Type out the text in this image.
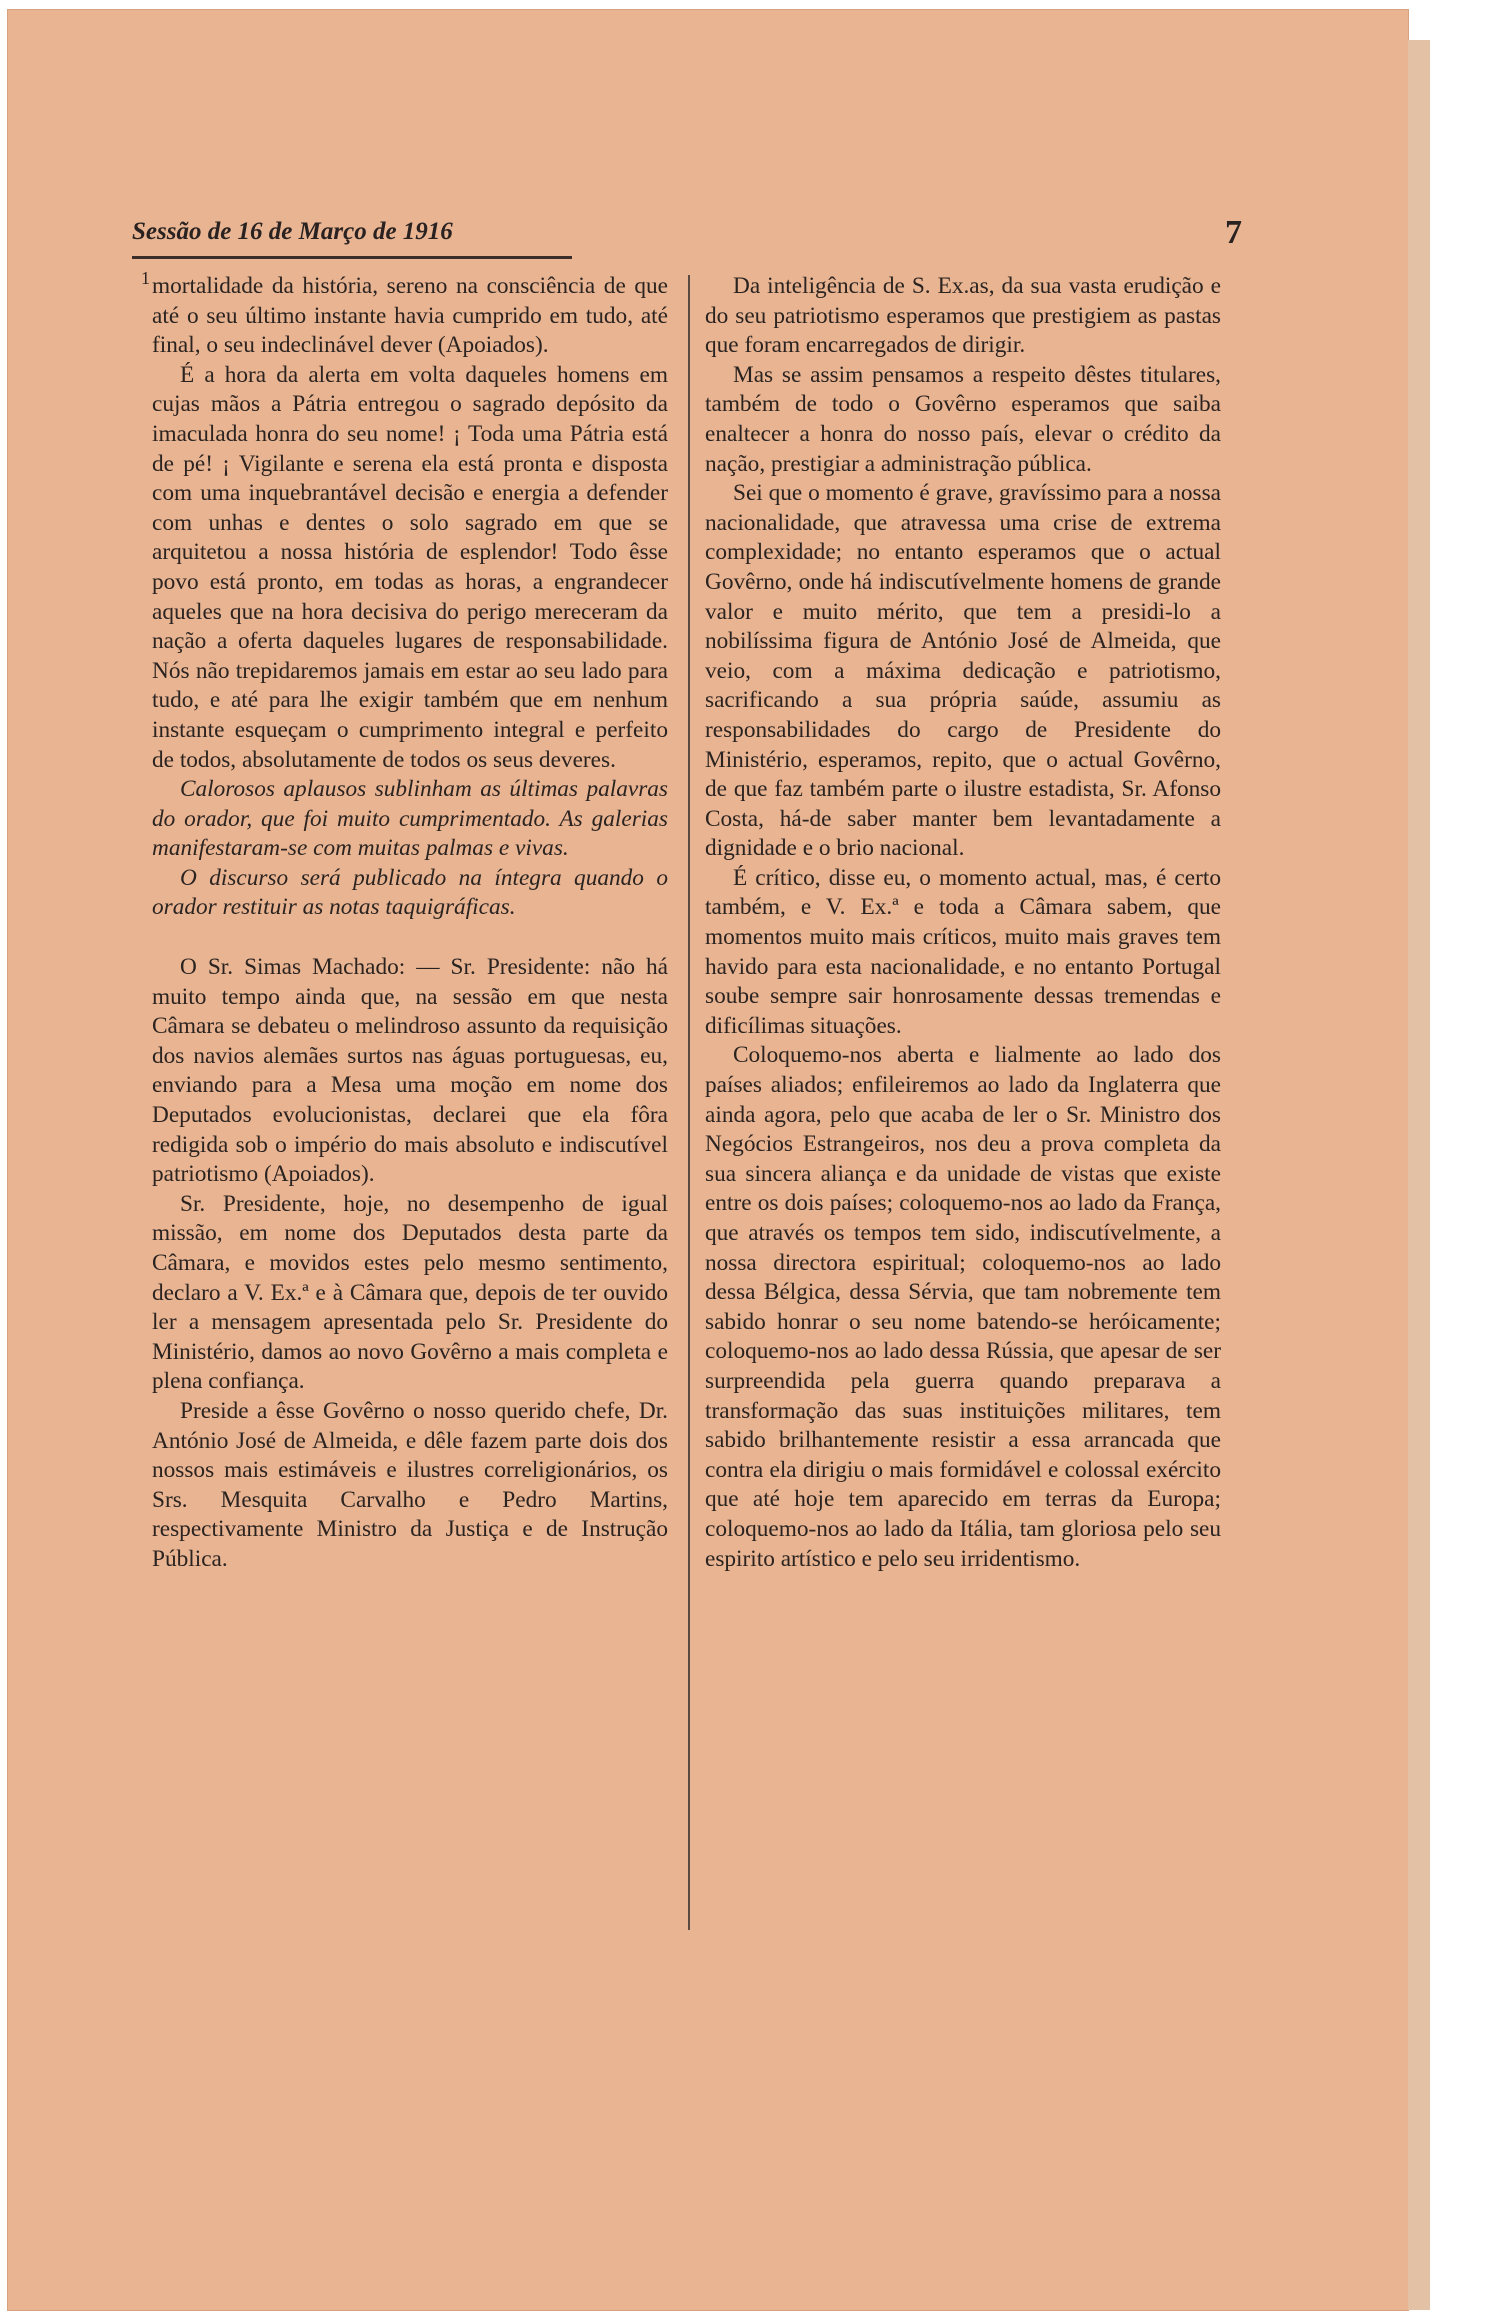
Sessão de 16 de Março de 1916	7
1 mortalidade da história, sereno na consciência de que até o seu último instante havia cumprido em tudo, até final, o seu indeclinável dever (Apoiados).

É a hora da alerta em volta daqueles homens em cujas mãos a Pátria entregou o sagrado depósito da imaculada honra do seu nome! ¡ Toda uma Pátria está de pé! ¡ Vigilante e serena ela está pronta e disposta com uma inquebrantável decisão e energia a defender com unhas e dentes o solo sagrado em que se arquitetou a nossa história de esplendor! Todo êsse povo está pronto, em todas as horas, a engrandecer aqueles que na hora decisiva do perigo mereceram da nação a oferta daqueles lugares de responsabilidade. Nós não trepidaremos jamais em estar ao seu lado para tudo, e até para lhe exigir também que em nenhum instante esqueçam o cumprimento integral e perfeito de todos, absolutamente de todos os seus deveres.

Calorosos aplausos sublinham as últimas palavras do orador, que foi muito cumprimentado. As galerias manifestaram-se com muitas palmas e vivas.

O discurso será publicado na íntegra quando o orador restituir as notas taquigráficas.

O Sr. Simas Machado: — Sr. Presidente: não há muito tempo ainda que, na sessão em que nesta Câmara se debateu o melindroso assunto da requisição dos navios alemães surtos nas águas portuguesas, eu, enviando para a Mesa uma moção em nome dos Deputados evolucionistas, declarei que ela fôra redigida sob o império do mais absoluto e indiscutível patriotismo (Apoiados).

Sr. Presidente, hoje, no desempenho de igual missão, em nome dos Deputados desta parte da Câmara, e movidos estes pelo mesmo sentimento, declaro a V. Ex.ª e à Câmara que, depois de ter ouvido ler a mensagem apresentada pelo Sr. Presidente do Ministério, damos ao novo Govêrno a mais completa e plena confiança.

Preside a êsse Govêrno o nosso querido chefe, Dr. António José de Almeida, e dêle fazem parte dois dos nossos mais estimáveis e ilustres correligionários, os Srs. Mesquita Carvalho e Pedro Martins, respectivamente Ministro da Justiça e de Instrução Pública.

Da inteligência de S. Ex.as, da sua vasta erudição e do seu patriotismo esperamos que prestigiem as pastas que foram encarregados de dirigir.

Mas se assim pensamos a respeito dêstes titulares, também de todo o Govêrno esperamos que saiba enaltecer a honra do nosso país, elevar o crédito da nação, prestigiar a administração pública.

Sei que o momento é grave, gravíssimo para a nossa nacionalidade, que atravessa uma crise de extrema complexidade; no entanto esperamos que o actual Govêrno, onde há indiscutívelmente homens de grande valor e muito mérito, que tem a presidi-lo a nobilíssima figura de António José de Almeida, que veio, com a máxima dedicação e patriotismo, sacrificando a sua própria saúde, assumiu as responsabilidades do cargo de Presidente do Ministério, esperamos, repito, que o actual Govêrno, de que faz também parte o ilustre estadista, Sr. Afonso Costa, há-de saber manter bem levantadamente a dignidade e o brio nacional.

É crítico, disse eu, o momento actual, mas, é certo também, e V. Ex.ª e toda a Câmara sabem, que momentos muito mais críticos, muito mais graves tem havido para esta nacionalidade, e no entanto Portugal soube sempre sair honrosamente dessas tremendas e dificílimas situações.

Coloquemo-nos aberta e lialmente ao lado dos países aliados; enfileiremos ao lado da Inglaterra que ainda agora, pelo que acaba de ler o Sr. Ministro dos Negócios Estrangeiros, nos deu a prova completa da sua sincera aliança e da unidade de vistas que existe entre os dois países; coloquemo-nos ao lado da França, que através os tempos tem sido, indiscutívelmente, a nossa directora espiritual; coloquemo-nos ao lado dessa Bélgica, dessa Sérvia, que tam nobremente tem sabido honrar o seu nome batendo-se heróicamente; coloquemo-nos ao lado dessa Rússia, que apesar de ser surpreendida pela guerra quando preparava a transformação das suas instituições militares, tem sabido brilhantemente resistir a essa arrancada que contra ela dirigiu o mais formidável e colossal exército que até hoje tem aparecido em terras da Europa; coloquemo-nos ao lado da Itália, tam gloriosa pelo seu espirito artístico e pelo seu irridentismo.
